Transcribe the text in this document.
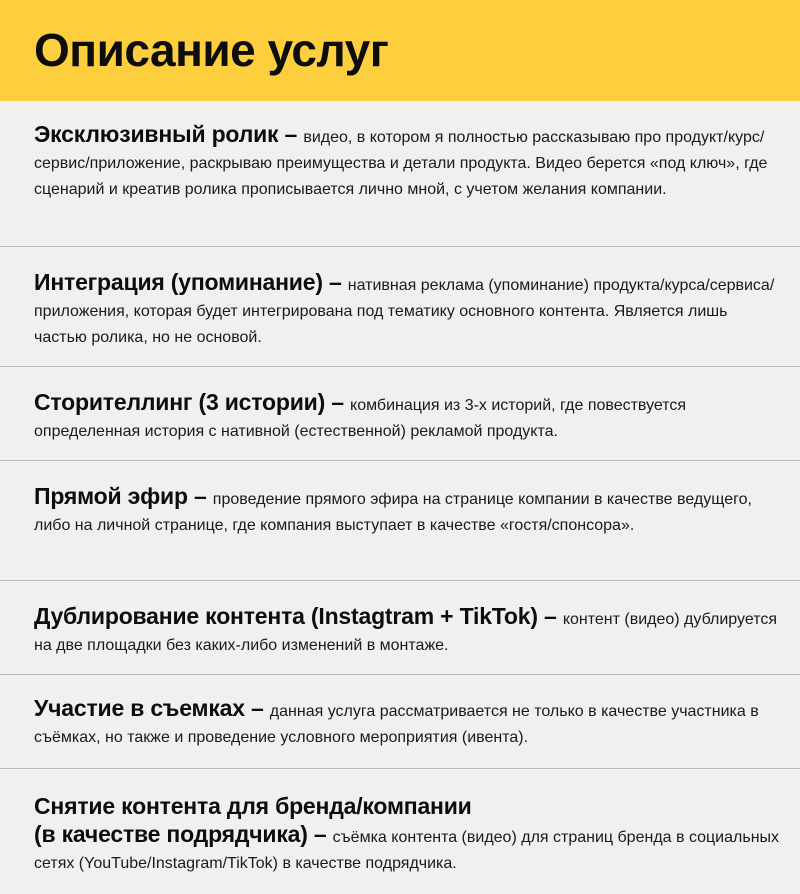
Описание услуг

Эксклюзивный ролик – видео, в котором я полностью рассказываю про продукт/курс/сервис/приложение, раскрываю преимущества и детали продукта. Видео берется «под ключ», где сценарий и креатив ролика прописывается лично мной, с учетом желания компании.

Интеграция (упоминание) – нативная реклама (упоминание) продукта/курса/сервиса/приложения, которая будет интегрирована под тематику основного контента. Является лишь частью ролика, но не основой.

Сторителлинг (3 истории) – комбинация из 3-х историй, где повествуется определенная история с нативной (естественной) рекламой продукта.

Прямой эфир – проведение прямого эфира на странице компании в качестве ведущего, либо на личной странице, где компания выступает в качестве «гостя/спонсора».

Дублирование контента (Instagtram + TikTok) – контент (видео) дублируется на две площадки без каких-либо изменений в монтаже.

Участие в съемках – данная услуга рассматривается не только в качестве участника в съёмках, но также и проведение условного мероприятия (ивента).

Снятие контента для бренда/компании

(в качестве подрядчика) – съёмка контента (видео) для страниц бренда в социальных сетях (YouTube/Instagram/TikTok) в качестве подрядчика.
